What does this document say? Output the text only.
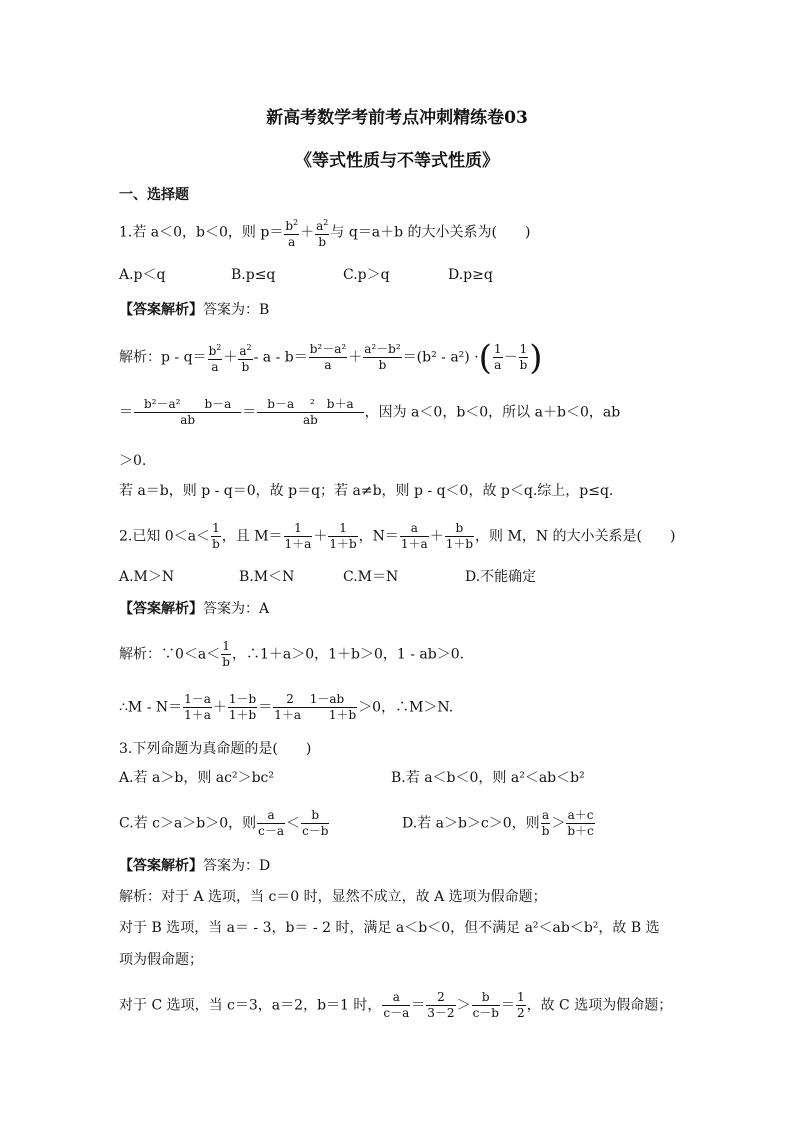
新高考数学考前考点冲刺精练卷03
《等式性质与不等式性质》
一、选择题
1.若 a＜0，b＜0，则 $p= \frac{b^2}{a} + \frac{a^2}{b}$ 与 q＝a＋b 的大小关系为(　　)
A.p＜q	B.p≤q	C.p＞q	D.p≥q
【答案解析】答案为：B
解析：$p - q= \frac{b^2}{a} + \frac{a^2}{b} - a - b= \frac{\text{b²－a²}}{a} + \frac{\text{a²－b²}}{b} =(b^2 - a^2)$ ·( $\frac{1}{a} - \frac{1}{b}$ )
＝ $\frac{\text{b²－a²　　b－a}}{ab} = \frac{\text{b－a　 ²　b＋a}}{ab}$ ，因为 a＜0，b＜0，所以 a＋b＜0，ab
＞0.
若 a＝b，则 p - q＝0，故 p＝q；若 a≠b，则 p - q＜0，故 p＜q.综上，p≤q.
2.已知 $0<a< \frac{1}{b}$ ，且 $M= \frac{1}{1+a} + \frac{1}{1+b}$ ，$N= \frac{a}{1+a} + \frac{b}{1+b}$ ，则 M，N 的大小关系是(　　)
A.M＞N	B.M＜N	C.M＝N	D.不能确定
【答案解析】答案为：A
解析：∵0＜a＜ $\frac{1}{b}$ ，∴1＋a＞0，1＋b＞0，1 - ab＞0.
∴M - $N= \frac{1-a}{1+a} + \frac{1-b}{1+b} = \frac{2 1-ab}{1+a 1+b} >0$，∴M＞N.
3.下列命题为真命题的是(　　)
A.若 a＞b，则 ac²＞bc²	B.若 a＜b＜0，则 a²＜ab＜b²
C.若 c＞a＞b＞0，则 $\frac{a}{c-a} < \frac{b}{c-b}$	D.若 a＞b＞c＞0，则 $\frac{a}{b} > \frac{a+c}{b+c}$
【答案解析】答案为：D
解析：对于 A 选项，当 c＝0 时，显然不成立，故 A 选项为假命题；
对于 B 选项，当 a＝ - 3，b＝ - 2 时，满足 a＜b＜0，但不满足 a²＜ab＜b²，故 B 选
项为假命题；
对于 C 选项，当 c＝3，a＝2，b＝1 时， $\frac{a}{c-a} = \frac{2}{3-2} > \frac{b}{c-b} = \frac{1}{2}$ ，故 C 选项为假命题；
